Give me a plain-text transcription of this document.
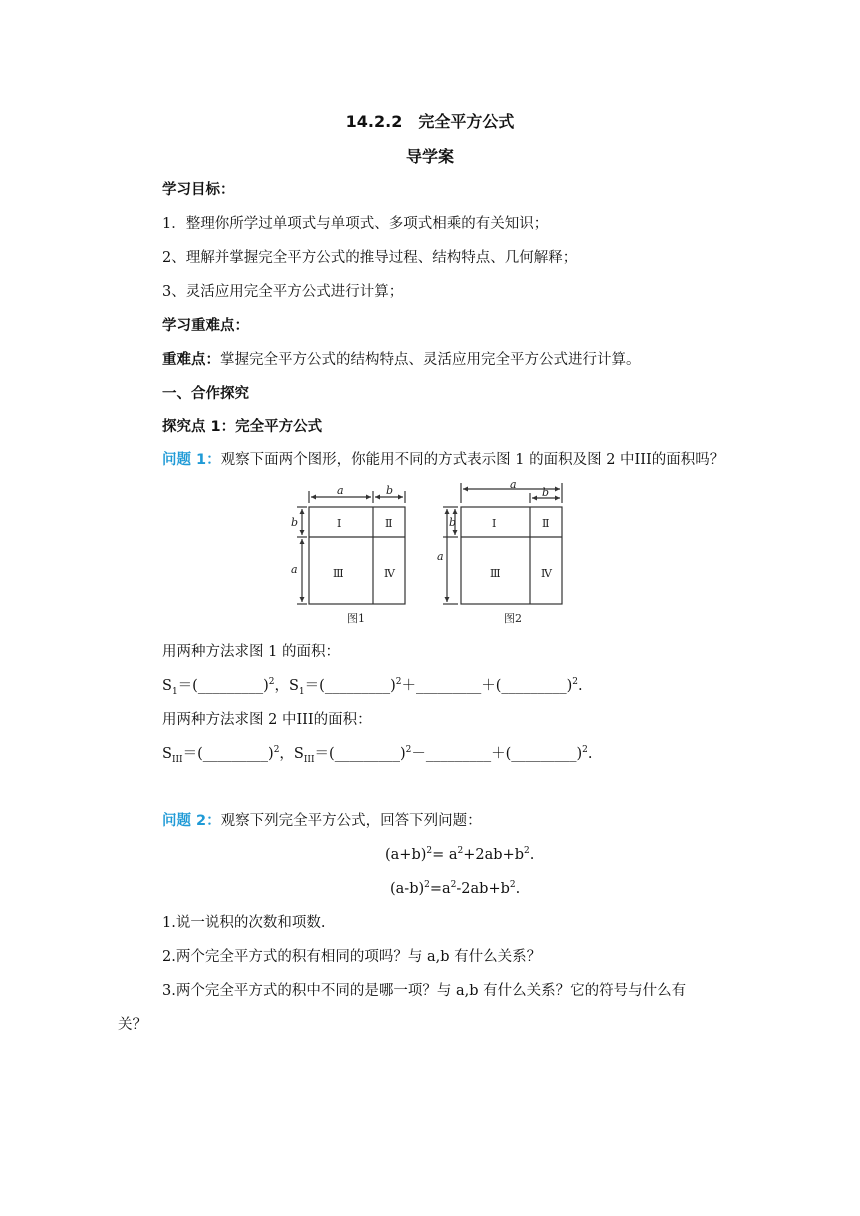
14.2.2　完全平方公式
导学案
学习目标：
1．整理你所学过单项式与单项式、多项式相乘的有关知识；
2、理解并掌握完全平方公式的推导过程、结构特点、几何解释；
3、灵活应用完全平方公式进行计算；
学习重难点：
重难点：掌握完全平方公式的结构特点、灵活应用完全平方公式进行计算。
一、合作探究
探究点 1：完全平方公式
问题 1：观察下面两个图形，你能用不同的方式表示图 1 的面积及图 2 中III的面积吗？
a	b
b
a
Ⅰ	Ⅱ
Ⅲ	Ⅳ
图1
a
b
b
a
Ⅰ	Ⅱ
Ⅲ	Ⅳ
图2
用两种方法求图 1 的面积：
$S_1=(\_\_\_\_\_\_\_\_\_)^2$，$S_1=(\_\_\_\_\_\_\_\_\_)^2+\_\_\_\_\_\_\_\_\_+(\_\_\_\_\_\_\_\_\_)^2$.
用两种方法求图 2 中III的面积：
$S_{III}=(\_\_\_\_\_\_\_\_\_)^2$，$S_{III}=(\_\_\_\_\_\_\_\_\_)^2-\_\_\_\_\_\_\_\_\_+(\_\_\_\_\_\_\_\_\_)^2$.
问题 2：观察下列完全平方公式，回答下列问题：
$(a+b)^2= a^2+2ab+b^2$.
$(a-b)^2=a^2-2ab+b^2$.
1.说一说积的次数和项数.
2.两个完全平方式的积有相同的项吗？与 a,b 有什么关系？
3.两个完全平方式的积中不同的是哪一项？与 a,b 有什么关系？它的符号与什么有
关？
